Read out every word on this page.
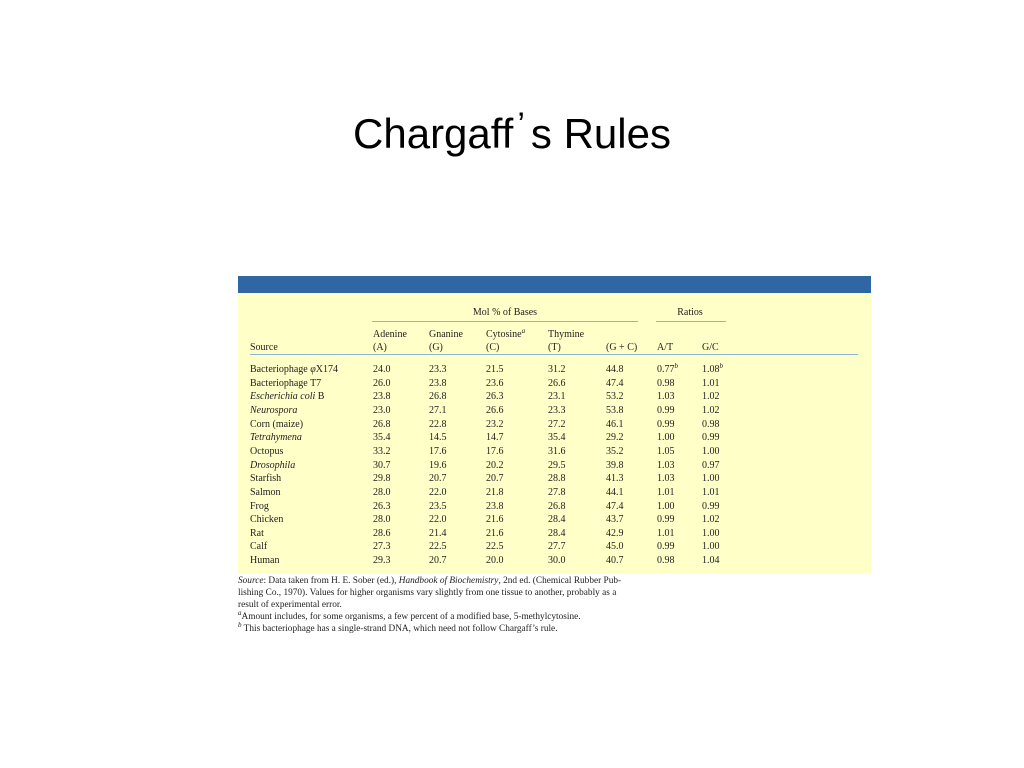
Chargaff ’ s Rules
Mol % of Bases	Ratios
Adenine Gnanine Cytosine$^a$ Thymine
Source	(A)	(G)	(C)	(T)	(G + C) A/T	G/C
Bacteriophage φX174	24.0	23.3	21.5	31.2	44.8	0.77$^b$ 1.08$^b$
Bacteriophage T7	26.0	23.8	23.6	26.6	47.4	0.98	1.01
Escherichia coli B	23.8	26.8	26.3	23.1	53.2	1.03	1.02
Neurospora	23.0	27.1	26.6	23.3	53.8	0.99	1.02
Corn (maize)	26.8	22.8	23.2	27.2	46.1	0.99	0.98
Tetrahymena	35.4	14.5	14.7	35.4	29.2	1.00	0.99
Octopus	33.2	17.6	17.6	31.6	35.2	1.05	1.00
Drosophila	30.7	19.6	20.2	29.5	39.8	1.03	0.97
Starfish	29.8	20.7	20.7	28.8	41.3	1.03	1.00
Salmon	28.0	22.0	21.8	27.8	44.1	1.01	1.01
Frog	26.3	23.5	23.8	26.8	47.4	1.00	0.99
Chicken	28.0	22.0	21.6	28.4	43.7	0.99	1.02
Rat	28.6	21.4	21.6	28.4	42.9	1.01	1.00
Calf	27.3	22.5	22.5	27.7	45.0	0.99	1.00
Human	29.3	20.7	20.0	30.0	40.7	0.98	1.04

Source: Data taken from H. E. Sober (ed.), Handbook of Biochemistry, 2nd ed. (Chemical Rubber Pub-
lishing Co., 1970). Values for higher organisms vary slightly from one tissue to another, probably as a
result of experimental error.

$^a$Amount includes, for some organisms, a few percent of a modified base, 5-methylcytosine.

$^b$ This bacteriophage has a single-strand DNA, which need not follow Chargaff’s rule.
